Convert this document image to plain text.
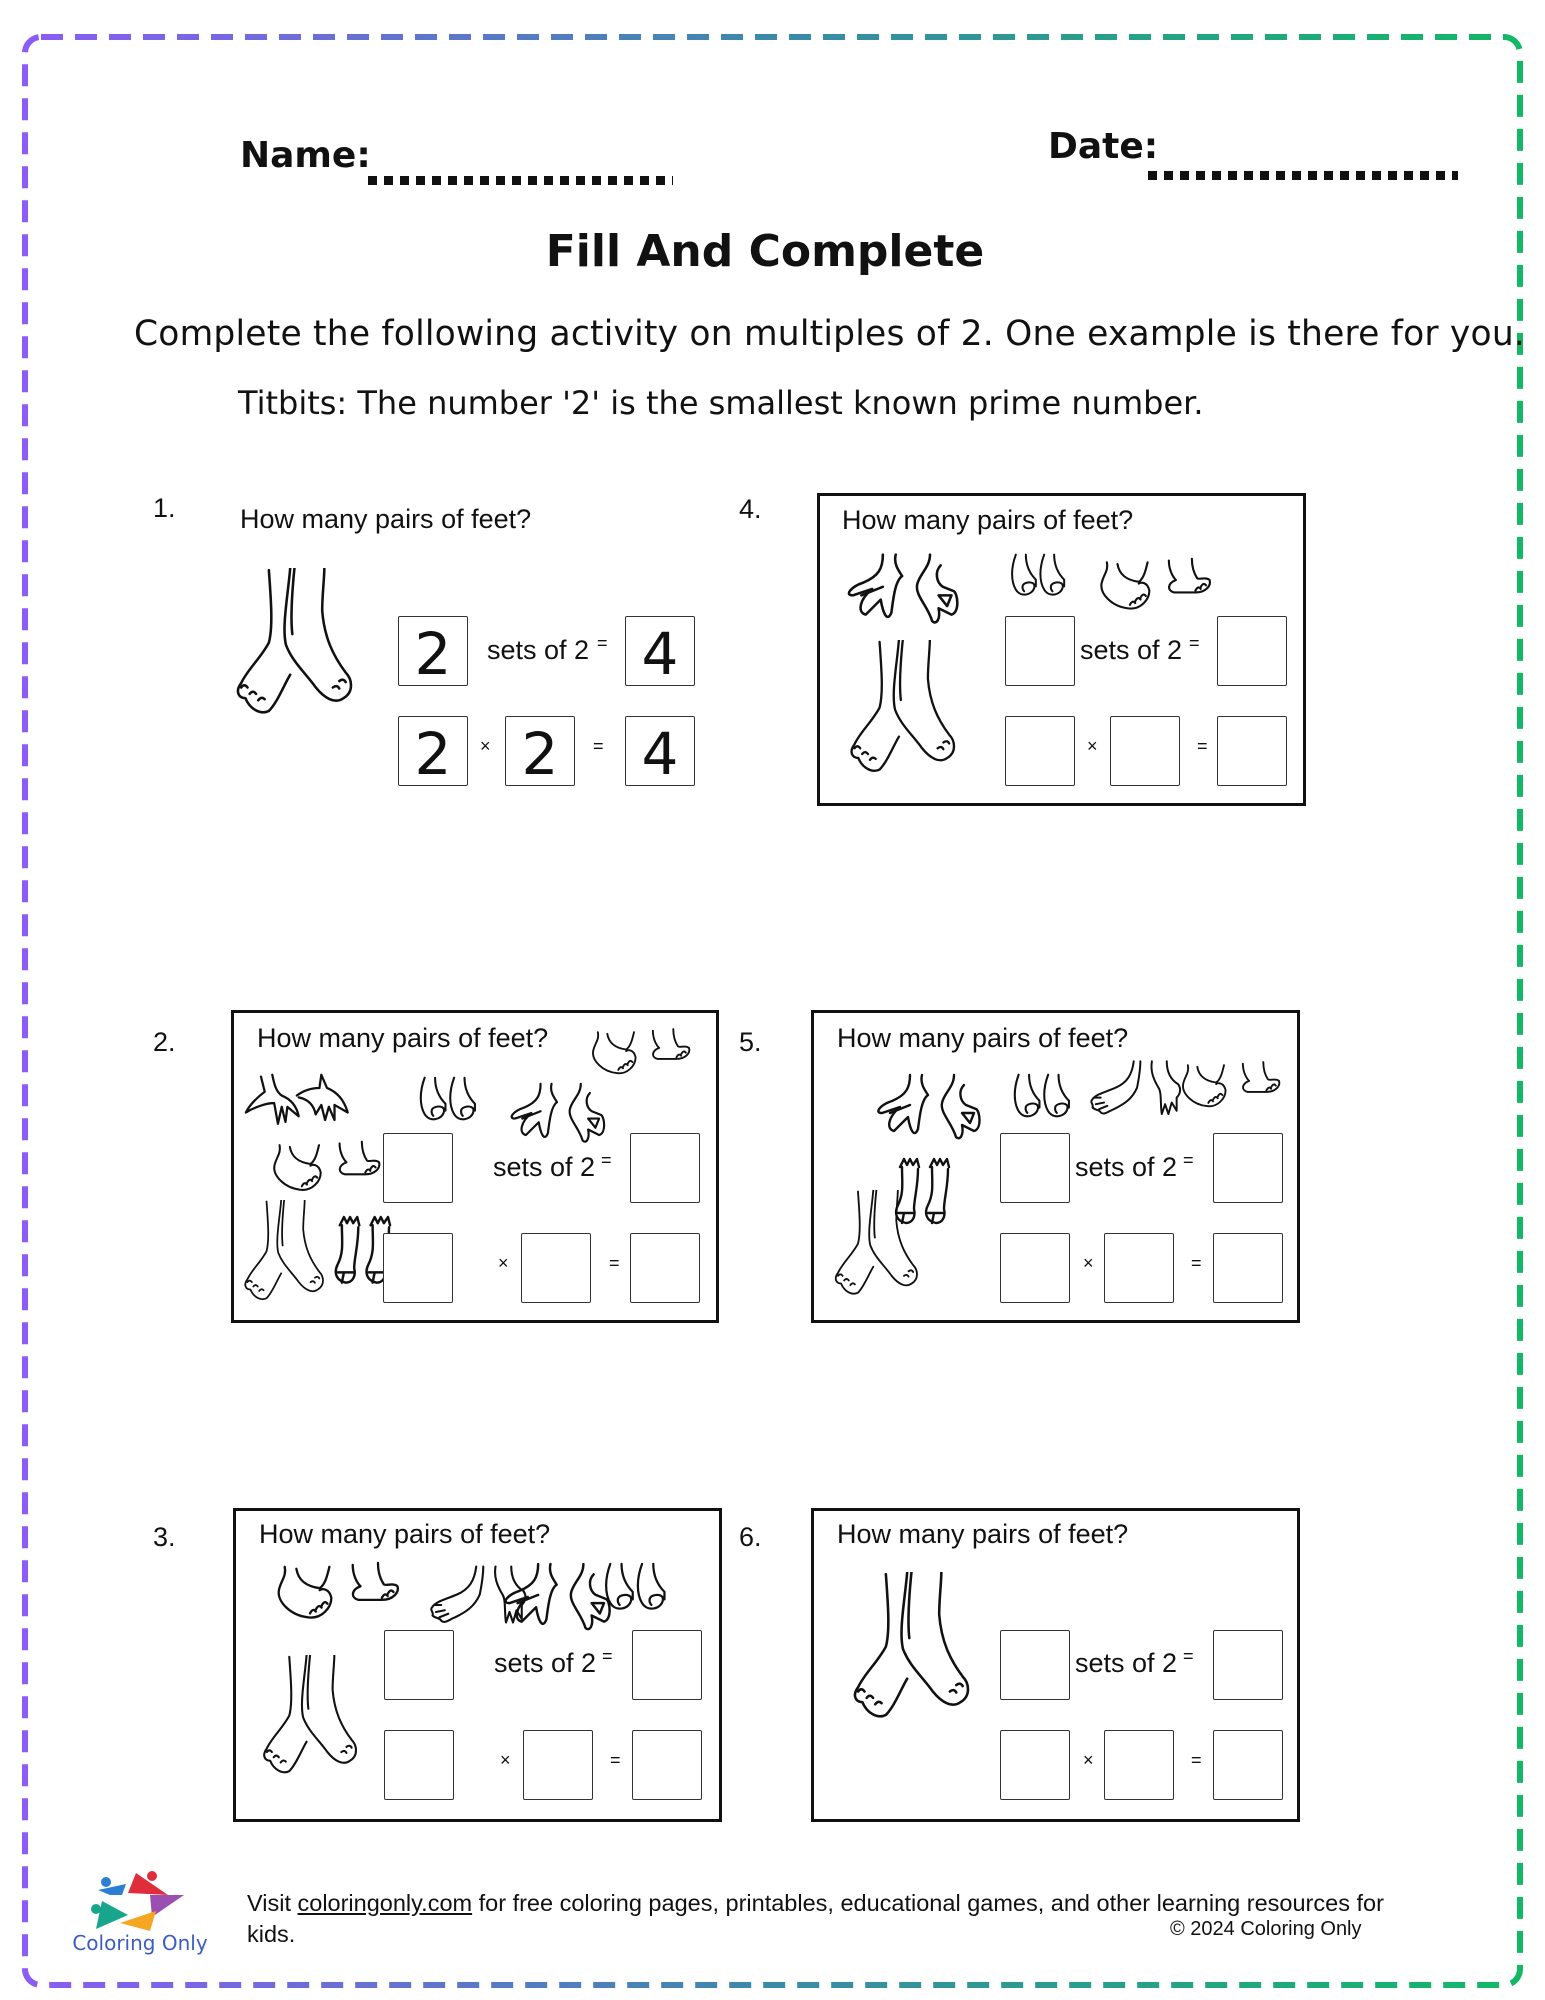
Name:	Date:
Fill And Complete
Complete the following activity on multiples of 2. One example is there for you.
Titbits: The number '2' is the smallest known prime number.
1. How many pairs of feet?
2	sets of 2 = 4
2	× 2	= 4
2.	How many pairs of feet?
sets of 2 =
×	=
3.	How many pairs of feet?
sets of 2 =
×	=
4.	How many pairs of feet?
sets of 2 =
×	=
5.	How many pairs of feet?
sets of 2 =
×	=
6.	How many pairs of feet?
sets of 2 =
×	=
Coloring Only
Visit coloringonly.com for free coloring pages, printables, educational games, and other learning resources for kids.	© 2024 Coloring Only
